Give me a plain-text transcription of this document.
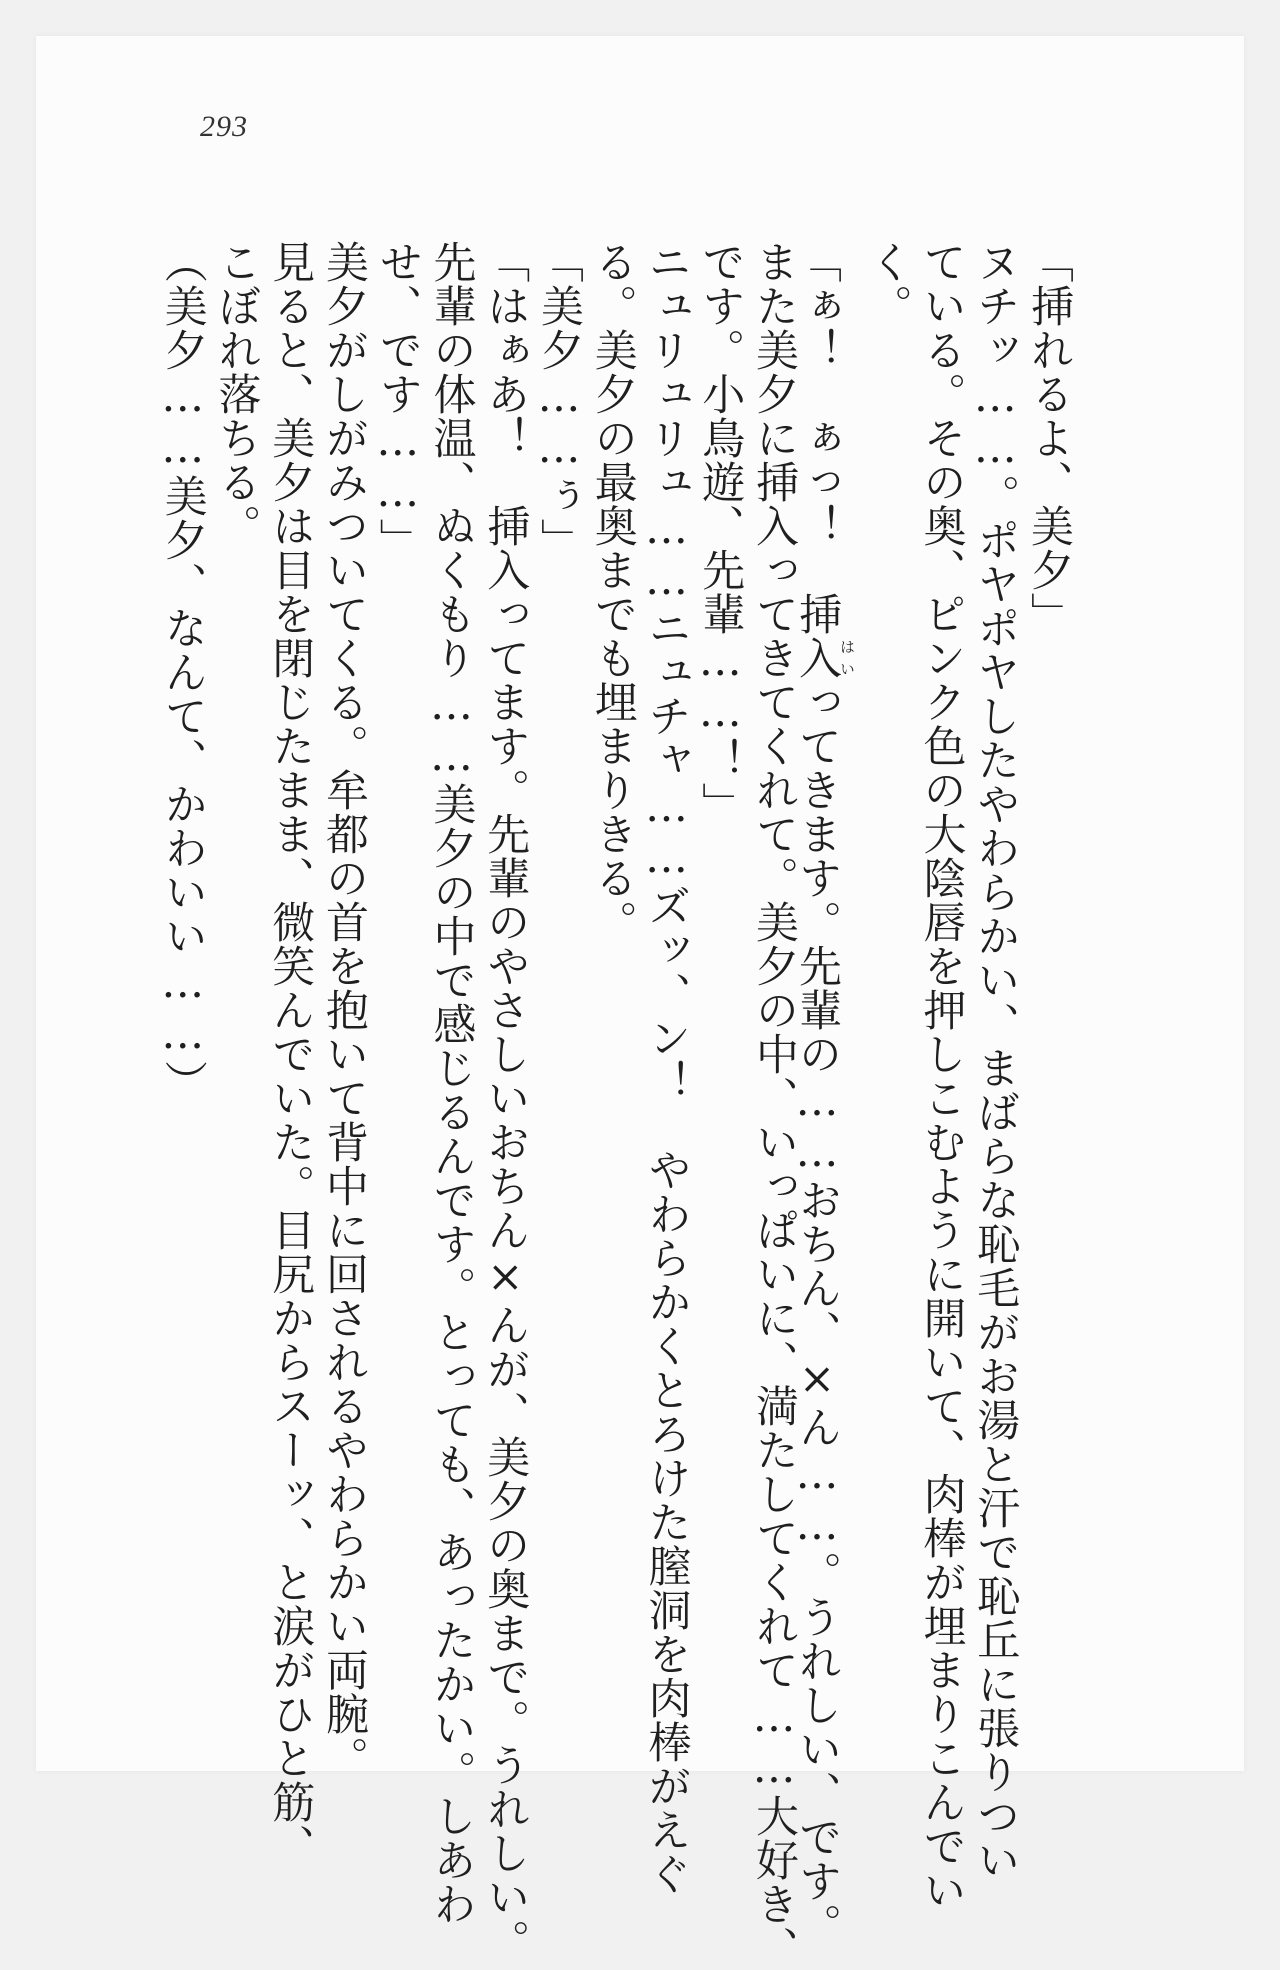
293
「挿れるよ、美夕」
ヌチッ……。ポヤポヤしたやわらかい、まばらな恥毛がお湯と汗で恥丘に張りつい
ている。その奥、ピンク色の大陰唇を押しこむように開いて、肉棒が埋まりこんでい
く。
「ぁ！　ぁっ！　挿入はいってきます。先輩の……おちん、×ん……。うれしい、です。
また美夕に挿入ってきてくれて。美夕の中、いっぱいに、満たしてくれて……大好き、
です。小鳥遊、先輩……！」
ニュリュリュ……ニュチャ……ズッ、ン！　やわらかくとろけた膣洞を肉棒がえぐ
る。美夕の最奥までも埋まりきる。
「美夕……ぅ」
「はぁあ！　挿入ってます。先輩のやさしいおちん×んが、美夕の奥まで。うれしい。
先輩の体温、ぬくもり……美夕の中で感じるんです。とっても、あったかい。しあわ
せ、です……」
美夕がしがみついてくる。牟都の首を抱いて背中に回されるやわらかい両腕。
見ると、美夕は目を閉じたまま、微笑んでいた。目尻からスーッ、と涙がひと筋、
こぼれ落ちる。
（美夕……美夕、なんて、かわいい……）
